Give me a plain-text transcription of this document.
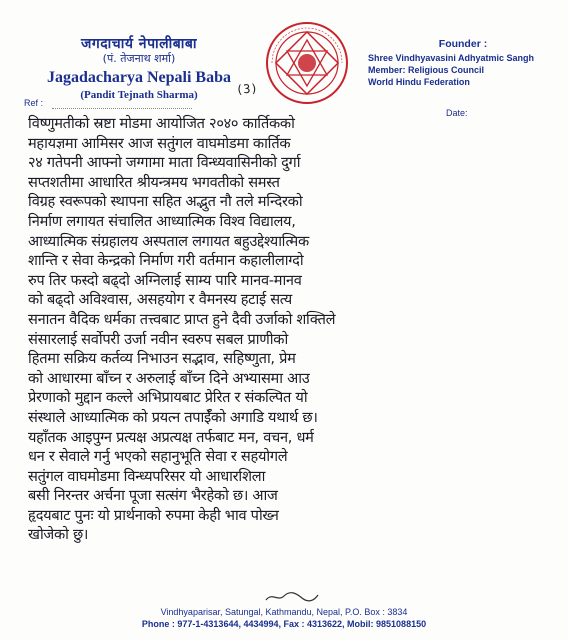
जगदाचार्य नेपालीबाबा
(पं. तेजनाथ शर्मा)
Jagadacharya Nepali Baba
(Pandit Tejnath Sharma)	(3)
Founder :
Shree Vindhyavasini Adhyatmic Sangh
Member: Religious Council
World Hindu Federation
Ref :
Date:
विष्णुमतीको स्रष्टा मोडमा आयोजित २०४० कार्तिकको
महायज्ञमा आमिसर आज सतुंगल वाघमोडमा कार्तिक
२४ गतेपनी आफ्नो जग्गामा माता विन्ध्यवासिनीको दुर्गा
सप्तशतीमा आधारित श्रीयन्त्रमय भगवतीको समस्त
विग्रह स्वरूपको स्थापना सहित अद्भुत नौ तले मन्दिरको
निर्माण लगायत संचालित आध्यात्मिक विश्व विद्यालय,
आध्यात्मिक संग्रहालय अस्पताल लगायत बहुउद्देश्यात्मिक
शान्ति र सेवा केन्द्रको निर्माण गरी वर्तमान कहालीलाग्दो
रुप तिर फस्दो बढ्दो अग्निलाई साम्य पारि मानव-मानव
को बढ्दो अविश्वास, असहयोग र वैमनस्य हटाई सत्य
सनातन वैदिक धर्मका तत्त्वबाट प्राप्त हुने दैवी उर्जाको शक्तिले
संसारलाई सर्वोपरी उर्जा नवीन स्वरुप सबल प्राणीको
हितमा सक्रिय कर्तव्य निभाउन सद्भाव, सहिष्णुता, प्रेम
को आधारमा बाँच्न र अरुलाई बाँच्न दिने अभ्यासमा आउ
प्रेरणाको मुद्दान कल्ले अभिप्रायबाट प्रेरित र संकल्पित यो
संस्थाले आध्यात्मिक को प्रयत्न तपाईँको अगाडि यथार्थ छ।
यहाँतक आइपुग्न प्रत्यक्ष अप्रत्यक्ष तर्फबाट मन, वचन, धर्म
धन र सेवाले गर्नु भएको सहानुभूति सेवा र सहयोगले
सतुंगल वाघमोडमा विन्ध्यपरिसर यो आधारशिला
बसी निरन्तर अर्चना पूजा सत्संग भैरहेको छ। आज
हृदयबाट पुनः यो प्रार्थनाको रुपमा केही भाव पोख्न
खोजेको छु।
Vindhyaparisar, Satungal, Kathmandu, Nepal, P.O. Box : 3834
Phone : 977-1-4313644, 4434994, Fax : 4313622, Mobil: 9851088150
